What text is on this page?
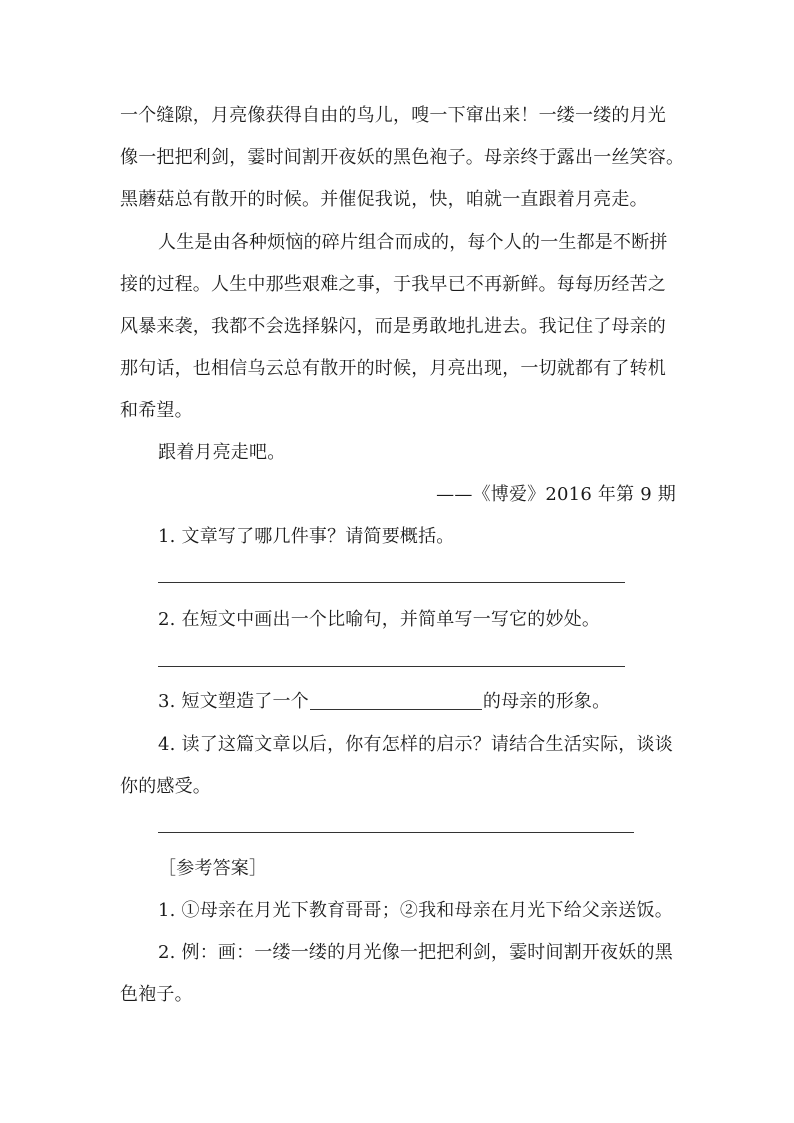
一个缝隙，月亮像获得自由的鸟儿，嗖一下窜出来！一缕一缕的月光
像一把把利剑，霎时间割开夜妖的黑色袍子。母亲终于露出一丝笑容。
黑蘑菇总有散开的时候。并催促我说，快，咱就一直跟着月亮走。
人生是由各种烦恼的碎片组合而成的，每个人的一生都是不断拼
接的过程。人生中那些艰难之事，于我早已不再新鲜。每每历经苦之
风暴来袭，我都不会选择躲闪，而是勇敢地扎进去。我记住了母亲的
那句话，也相信乌云总有散开的时候，月亮出现，一切就都有了转机
和希望。
跟着月亮走吧。
——《博爱》2016 年第 9 期
1. 文章写了哪几件事？请简要概括。
2. 在短文中画出一个比喻句，并简单写一写它的妙处。
3. 短文塑造了一个	的母亲的形象。
4. 读了这篇文章以后，你有怎样的启示？请结合生活实际，谈谈
你的感受。
［参考答案］
1. ①母亲在月光下教育哥哥；②我和母亲在月光下给父亲送饭。
2. 例：画：一缕一缕的月光像一把把利剑，霎时间割开夜妖的黑
色袍子。
